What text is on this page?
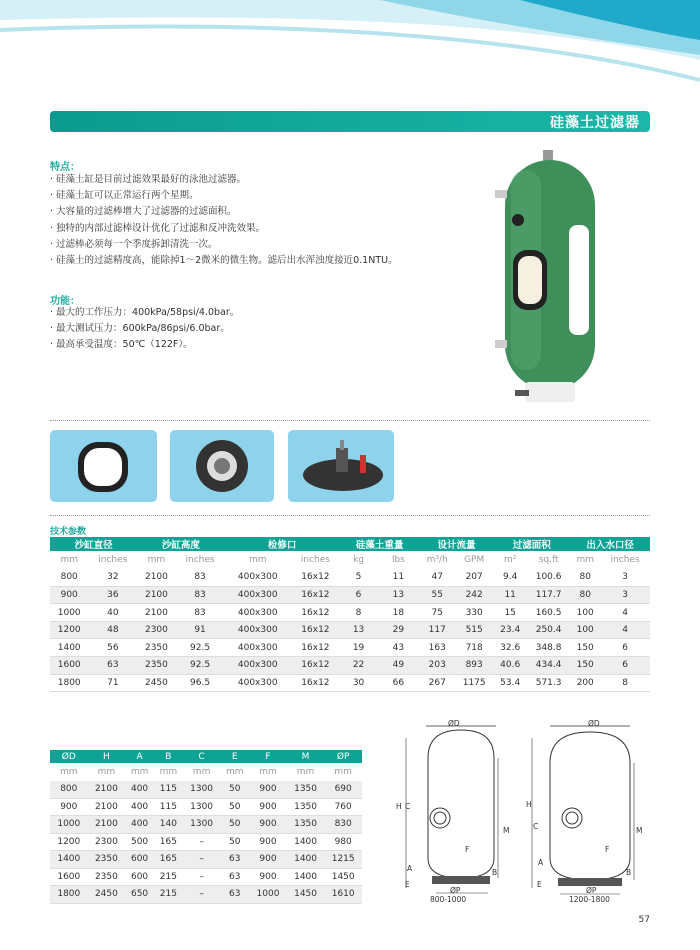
硅藻土过滤器
特点：
· 硅藻土缸是目前过滤效果最好的泳池过滤器。
· 硅藻土缸可以正常运行两个星期。
· 大容量的过滤棒增大了过滤器的过滤面积。
· 独特的内部过滤棒设计优化了过滤和反冲洗效果。
· 过滤棒必须每一个季度拆卸清洗一次。
· 硅藻土的过滤精度高，能除掉1～2微米的微生物。滤后出水浑浊度接近0.1NTU。
功能：
· 最大的工作压力：400kPa/58psi/4.0bar。
· 最大测试压力：600kPa/86psi/6.0bar。
· 最高承受温度：50℃（122F）。
技术参数
沙缸直径		沙缸高度		检修口		硅藻土重量		设计流量		过滤面积		出入水口径	
mm	inches	mm	inches	mm	inches	kg	lbs	m³/h	GPM	m²	sq.ft	mm	inches
800	32	2100	83	400x300	16x12	5	11	47	207	9.4	100.6	80	3
900	36	2100	83	400x300	16x12	6	13	55	242	11	117.7	80	3
1000	40	2100	83	400x300	16x12	8	18	75	330	15	160.5	100	4
1200	48	2300	91	400x300	16x12	13	29	117	515	23.4	250.4	100	4
1400	56	2350	92.5	400x300	16x12	19	43	163	718	32.6	348.8	150	6
1600	63	2350	92.5	400x300	16x12	22	49	203	893	40.6	434.4	150	6
1800	71	2450	96.5	400x300	16x12	30	66	267	1175	53.4	571.3	200	8
ØD	H	A	B	C	E	F	M	ØP
mm	mm	mm	mm	mm	mm	mm	mm	mm
800	2100	400	115	1300	50	900	1350	690
900	2100	400	115	1300	50	900	1350	760
1000	2100	400	140	1300	50	900	1350	830
1200	2300	500	165	–	50	900	1400	980
1400	2350	600	165	–	63	900	1400	1215
1600	2350	600	215	–	63	900	1400	1450
1800	2450	650	215	–	63	1000	1450	1610
ØD
H C
M
F
A
E
B
ØP
800-1000
ØD
H
C	M
F
A
E
B
ØP
1200-1800
57
